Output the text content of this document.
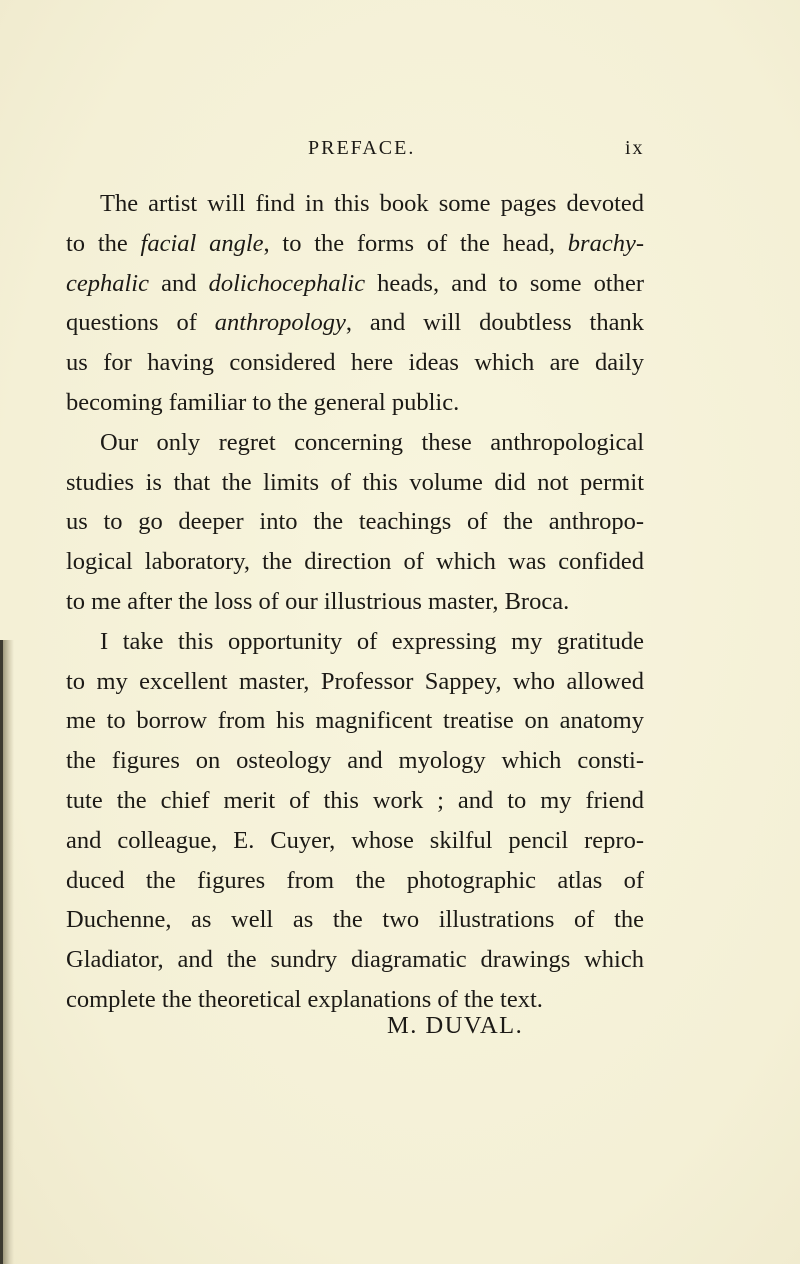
PREFACE.	ix
The artist will find in this book some pages devoted
to the facial angle, to the forms of the head, brachy-
cephalic and dolichocephalic heads, and to some other
questions of anthropology, and will doubtless thank
us for having considered here ideas which are daily
becoming familiar to the general public.
Our only regret concerning these anthropological
studies is that the limits of this volume did not permit
us to go deeper into the teachings of the anthropo-
logical laboratory, the direction of which was confided
to me after the loss of our illustrious master, Broca.
I take this opportunity of expressing my gratitude
to my excellent master, Professor Sappey, who allowed
me to borrow from his magnificent treatise on anatomy
the figures on osteology and myology which consti-
tute the chief merit of this work ; and to my friend
and colleague, E. Cuyer, whose skilful pencil repro-
duced the figures from the photographic atlas of
Duchenne, as well as the two illustrations of the
Gladiator, and the sundry diagramatic drawings which
complete the theoretical explanations of the text.
M. DUVAL.
